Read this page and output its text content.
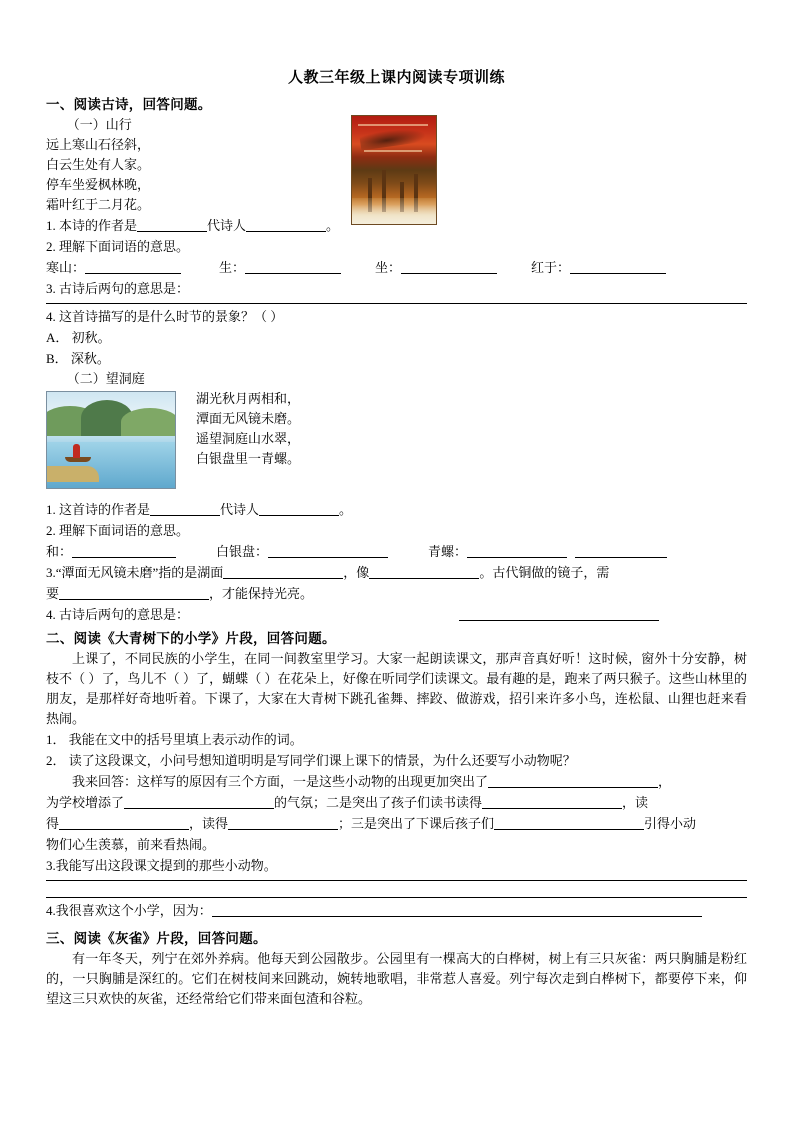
人教三年级上课内阅读专项训练
一、阅读古诗，回答问题。

（一）山行

远上寒山石径斜，

白云生处有人家。

停车坐爱枫林晚，

霜叶红于二月花。

1. 本诗的作者是	代诗人	。

2. 理解下面词语的意思。

寒山：	生：	坐：	红于：

3. 古诗后两句的意思是：

4. 这首诗描写的是什么时节的景象？（ ）

A． 初秋。

B． 深秋。

（二）望洞庭

湖光秋月两相和，

潭面无风镜未磨。

遥望洞庭山水翠，

白银盘里一青螺。

1. 这首诗的作者是	代诗人	。

2. 理解下面词语的意思。

和：	白银盘：	青螺：

3.“潭面无风镜未磨”指的是湖面	，像	。古代铜做的镜子，需

要	，才能保持光亮。

4. 古诗后两句的意思是：

二、阅读《大青树下的小学》片段，回答问题。

上课了，不同民族的小学生，在同一间教室里学习。大家一起朗读课文，那声音真好听！这时候，窗外十分安静，树枝不（ ）了，鸟儿不（ ）了，蝴蝶（ ）在花朵上，好像在听同学们读课文。最有趣的是，跑来了两只猴子。这些山林里的朋友，是那样好奇地听着。下课了，大家在大青树下跳孔雀舞、摔跤、做游戏，招引来许多小鸟，连松鼠、山狸也赶来看热闹。

1． 我能在文中的括号里填上表示动作的词。

2． 读了这段课文，小问号想知道明明是写同学们课上课下的情景，为什么还要写小动物呢？

我来回答：这样写的原因有三个方面，一是这些小动物的出现更加突出了	，

为学校增添了	的气氛；二是突出了孩子们读书读得	，读

得	，读得	；三是突出了下课后孩子们	引得小动

物们心生羡慕，前来看热闹。

3.我能写出这段课文提到的那些小动物。

4.我很喜欢这个小学，因为：

三、阅读《灰雀》片段，回答问题。

有一年冬天，列宁在郊外养病。他每天到公园散步。公园里有一棵高大的白桦树，树上有三只灰雀：两只胸脯是粉红的，一只胸脯是深红的。它们在树枝间来回跳动，婉转地歌唱，非常惹人喜爱。列宁每次走到白桦树下，都要停下来，仰望这三只欢快的灰雀，还经常给它们带来面包渣和谷粒。
